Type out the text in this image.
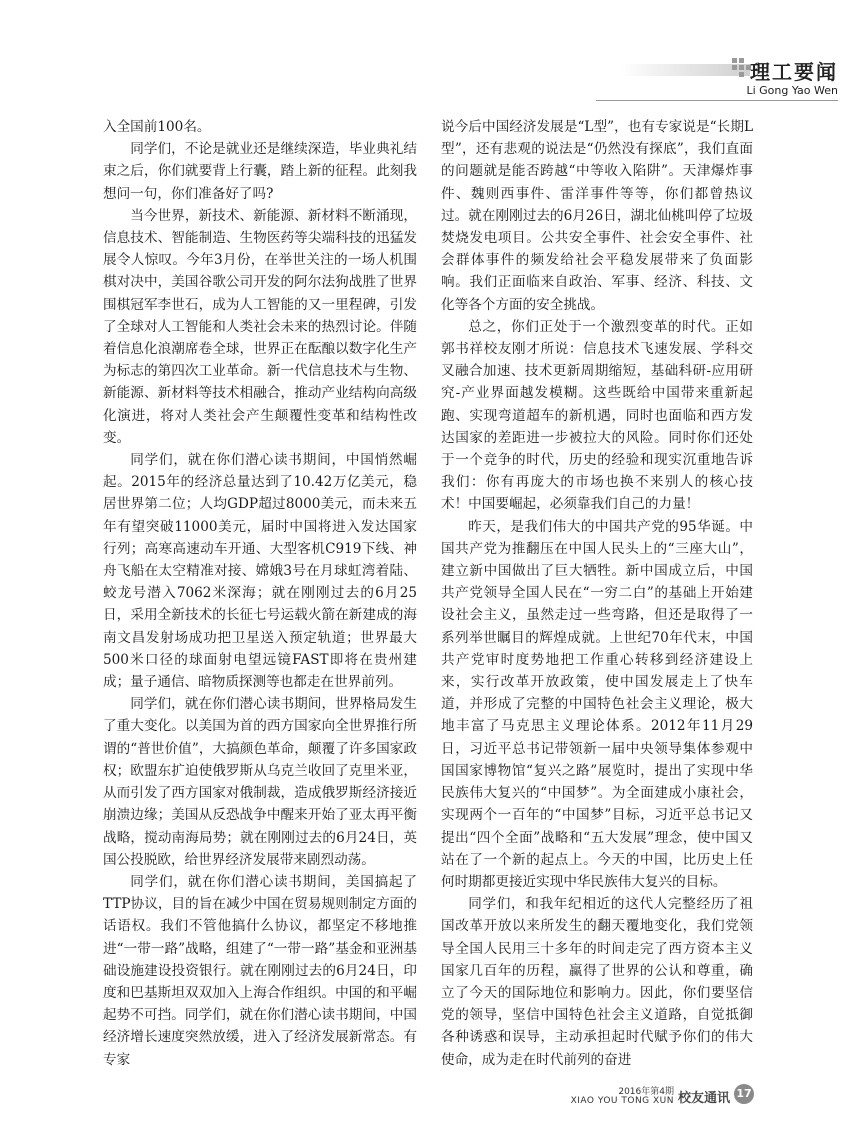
理工要闻
Li Gong Yao Wen

入全国前100名。

同学们，不论是就业还是继续深造，毕业典礼结束之后，你们就要背上行囊，踏上新的征程。此刻我想问一句，你们准备好了吗?

当今世界，新技术、新能源、新材料不断涌现，信息技术、智能制造、生物医药等尖端科技的迅猛发展令人惊叹。今年3月份，在举世关注的一场人机围棋对决中，美国谷歌公司开发的阿尔法狗战胜了世界围棋冠军李世石，成为人工智能的又一里程碑，引发了全球对人工智能和人类社会未来的热烈讨论。伴随着信息化浪潮席卷全球，世界正在酝酿以数字化生产为标志的第四次工业革命。新一代信息技术与生物、新能源、新材料等技术相融合，推动产业结构向高级化演进，将对人类社会产生颠覆性变革和结构性改变。

同学们，就在你们潜心读书期间，中国悄然崛起。2015年的经济总量达到了10.42万亿美元，稳居世界第二位；人均GDP超过8000美元，而未来五年有望突破11000美元，届时中国将进入发达国家行列；高寒高速动车开通、大型客机C919下线、神舟飞船在太空精准对接、嫦娥3号在月球虹湾着陆、蛟龙号潜入7062米深海；就在刚刚过去的6月25日，采用全新技术的长征七号运载火箭在新建成的海南文昌发射场成功把卫星送入预定轨道；世界最大500米口径的球面射电望远镜FAST即将在贵州建成；量子通信、暗物质探测等也都走在世界前列。

同学们，就在你们潜心读书期间，世界格局发生了重大变化。以美国为首的西方国家向全世界推行所谓的“普世价值”，大搞颜色革命，颠覆了许多国家政权；欧盟东扩迫使俄罗斯从乌克兰收回了克里米亚，从而引发了西方国家对俄制裁，造成俄罗斯经济接近崩溃边缘；美国从反恐战争中醒来开始了亚太再平衡战略，搅动南海局势；就在刚刚过去的6月24日，英国公投脱欧，给世界经济发展带来剧烈动荡。

同学们，就在你们潜心读书期间，美国搞起了TTP协议，目的旨在减少中国在贸易规则制定方面的话语权。我们不管他搞什么协议，都坚定不移地推进“一带一路”战略，组建了“一带一路”基金和亚洲基础设施建设投资银行。就在刚刚过去的6月24日，印度和巴基斯坦双双加入上海合作组织。中国的和平崛起势不可挡。同学们，就在你们潜心读书期间，中国经济增长速度突然放缓，进入了经济发展新常态。有专家

说今后中国经济发展是“L型”，也有专家说是“长期L型”，还有悲观的说法是“仍然没有探底”，我们直面的问题就是能否跨越“中等收入陷阱”。天津爆炸事件、魏则西事件、雷洋事件等等，你们都曾热议过。就在刚刚过去的6月26日，湖北仙桃叫停了垃圾焚烧发电项目。公共安全事件、社会安全事件、社会群体事件的频发给社会平稳发展带来了负面影响。我们正面临来自政治、军事、经济、科技、文化等各个方面的安全挑战。

总之，你们正处于一个激烈变革的时代。正如郭书祥校友刚才所说：信息技术飞速发展、学科交叉融合加速、技术更新周期缩短，基础科研-应用研究-产业界面越发模糊。这些既给中国带来重新起跑、实现弯道超车的新机遇，同时也面临和西方发达国家的差距进一步被拉大的风险。同时你们还处于一个竞争的时代，历史的经验和现实沉重地告诉我们：你有再庞大的市场也换不来别人的核心技术！中国要崛起，必须靠我们自己的力量！

昨天，是我们伟大的中国共产党的95华诞。中国共产党为推翻压在中国人民头上的“三座大山”，建立新中国做出了巨大牺牲。新中国成立后，中国共产党领导全国人民在“一穷二白”的基础上开始建设社会主义，虽然走过一些弯路，但还是取得了一系列举世瞩目的辉煌成就。上世纪70年代末，中国共产党审时度势地把工作重心转移到经济建设上来，实行改革开放政策，使中国发展走上了快车道，并形成了完整的中国特色社会主义理论，极大地丰富了马克思主义理论体系。2012年11月29日，习近平总书记带领新一届中央领导集体参观中国国家博物馆“复兴之路”展览时，提出了实现中华民族伟大复兴的“中国梦”。为全面建成小康社会，实现两个一百年的“中国梦”目标，习近平总书记又提出“四个全面”战略和“五大发展”理念，使中国又站在了一个新的起点上。今天的中国，比历史上任何时期都更接近实现中华民族伟大复兴的目标。

同学们，和我年纪相近的这代人完整经历了祖国改革开放以来所发生的翻天覆地变化，我们党领导全国人民用三十多年的时间走完了西方资本主义国家几百年的历程，赢得了世界的公认和尊重，确立了今天的国际地位和影响力。因此，你们要坚信党的领导，坚信中国特色社会主义道路，自觉抵御各种诱惑和误导，主动承担起时代赋予你们的伟大使命，成为走在时代前列的奋进

2016年第4期
XIAO YOU TONG XUN 校友通讯 17
